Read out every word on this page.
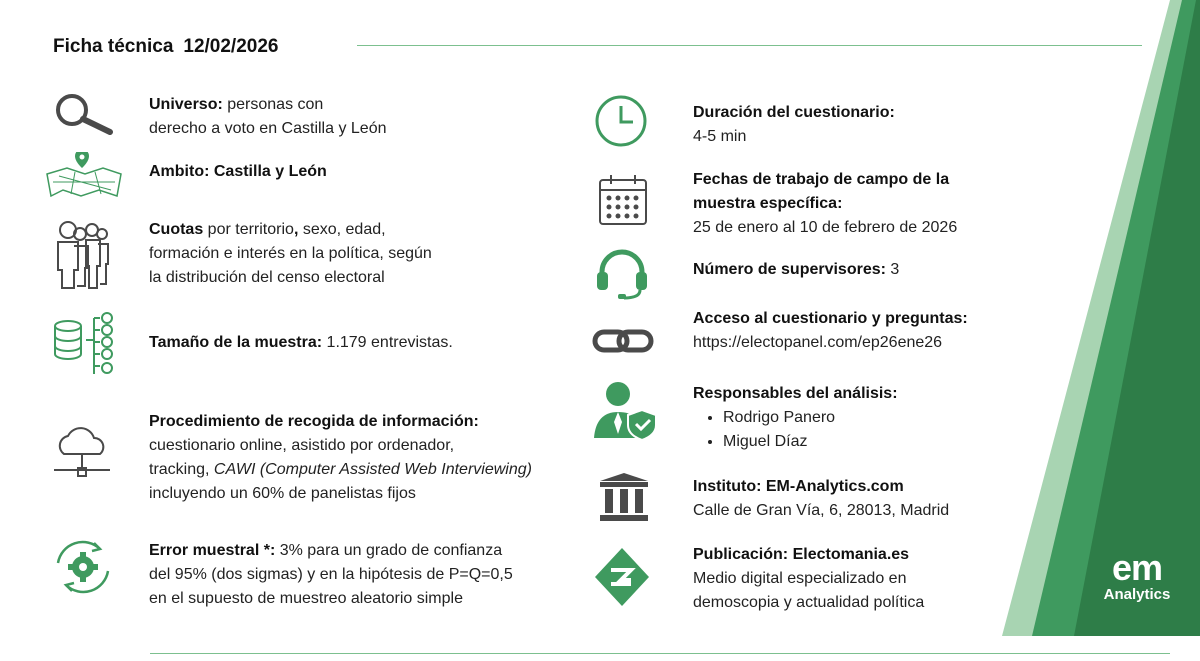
Ficha técnica 12/02/2026
Universo: personas con
derecho a voto en Castilla y León
Ambito: Castilla y León
Cuotas por territorio, sexo, edad,
formación e interés en la política, según
la distribución del censo electoral
Tamaño de la muestra: 1.179 entrevistas.
Procedimiento de recogida de información:
cuestionario online, asistido por ordenador,
tracking, CAWI (Computer Assisted Web Interviewing)
incluyendo un 60% de panelistas fijos
Error muestral *: 3% para un grado de confianza
del 95% (dos sigmas) y en la hipótesis de P=Q=0,5
en el supuesto de muestreo aleatorio simple
Duración del cuestionario:
4-5 min
Fechas de trabajo de campo de la
muestra específica:
25 de enero al 10 de febrero de 2026
Número de supervisores: 3
Acceso al cuestionario y preguntas:
https://electopanel.com/ep26ene26
Responsables del análisis:
• Rodrigo Panero
• Miguel Díaz
Instituto: EM-Analytics.com
Calle de Gran Vía, 6, 28013, Madrid
Publicación: Electomania.es
Medio digital especializado en
demoscopia y actualidad política
em
Analytics
